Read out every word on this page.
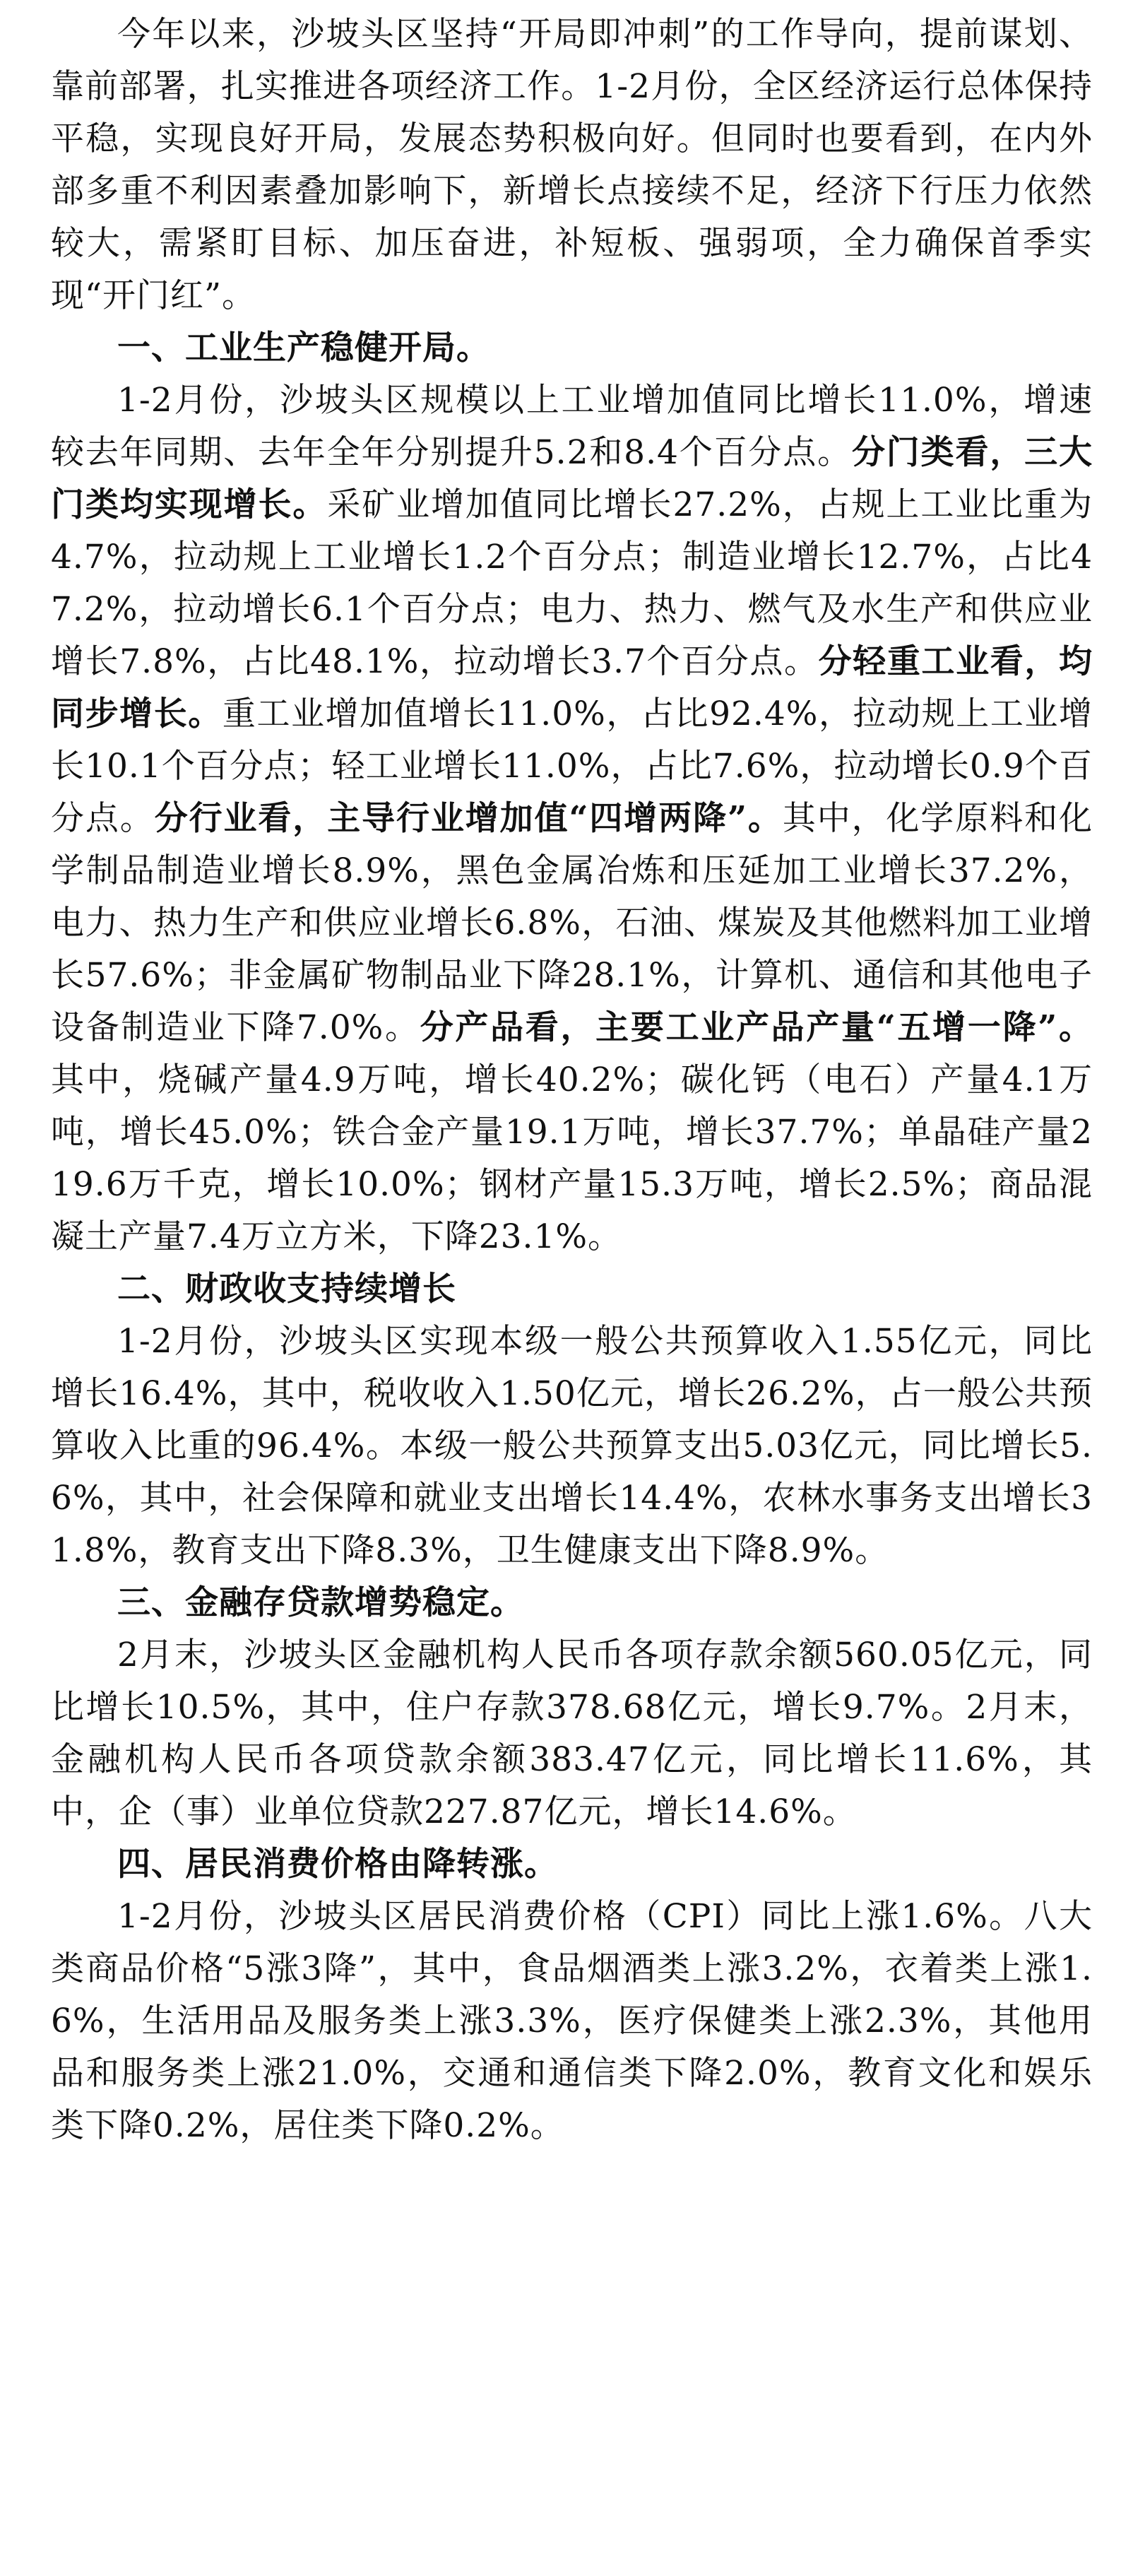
今年以来，沙坡头区坚持“开局即冲刺”的工作导向，提前谋划、靠前部署，扎实推进各项经济工作。1-2月份，全区经济运行总体保持平稳，实现良好开局，发展态势积极向好。但同时也要看到，在内外部多重不利因素叠加影响下，新增长点接续不足，经济下行压力依然较大，需紧盯目标、加压奋进，补短板、强弱项，全力确保首季实现“开门红”。

一、工业生产稳健开局。

1-2月份，沙坡头区规模以上工业增加值同比增长11.0%，增速较去年同期、去年全年分别提升5.2和8.4个百分点。分门类看，三大门类均实现增长。采矿业增加值同比增长27.2%，占规上工业比重为4.7%，拉动规上工业增长1.2个百分点；制造业增长12.7%，占比47.2%，拉动增长6.1个百分点；电力、热力、燃气及水生产和供应业增长7.8%，占比48.1%，拉动增长3.7个百分点。分轻重工业看，均同步增长。重工业增加值增长11.0%，占比92.4%，拉动规上工业增长10.1个百分点；轻工业增长11.0%，占比7.6%，拉动增长0.9个百分点。分行业看，主导行业增加值“四增两降”。其中，化学原料和化学制品制造业增长8.9%，黑色金属冶炼和压延加工业增长37.2%，电力、热力生产和供应业增长6.8%，石油、煤炭及其他燃料加工业增长57.6%；非金属矿物制品业下降28.1%，计算机、通信和其他电子设备制造业下降7.0%。分产品看，主要工业产品产量“五增一降”。其中，烧碱产量4.9万吨，增长40.2%；碳化钙（电石）产量4.1万吨，增长45.0%；铁合金产量19.1万吨，增长37.7%；单晶硅产量219.6万千克，增长10.0%；钢材产量15.3万吨，增长2.5%；商品混凝土产量7.4万立方米，下降23.1%。

二、财政收支持续增长

1-2月份，沙坡头区实现本级一般公共预算收入1.55亿元，同比增长16.4%，其中，税收收入1.50亿元，增长26.2%，占一般公共预算收入比重的96.4%。本级一般公共预算支出5.03亿元，同比增长5.6%，其中，社会保障和就业支出增长14.4%，农林水事务支出增长31.8%，教育支出下降8.3%，卫生健康支出下降8.9%。

三、金融存贷款增势稳定。

2月末，沙坡头区金融机构人民币各项存款余额560.05亿元，同比增长10.5%，其中，住户存款378.68亿元，增长9.7%。2月末，金融机构人民币各项贷款余额383.47亿元，同比增长11.6%，其中，企（事）业单位贷款227.87亿元，增长14.6%。

四、居民消费价格由降转涨。

1-2月份，沙坡头区居民消费价格（CPI）同比上涨1.6%。八大类商品价格“5涨3降”，其中，食品烟酒类上涨3.2%，衣着类上涨1.6%，生活用品及服务类上涨3.3%，医疗保健类上涨2.3%，其他用品和服务类上涨21.0%，交通和通信类下降2.0%，教育文化和娱乐类下降0.2%，居住类下降0.2%。
